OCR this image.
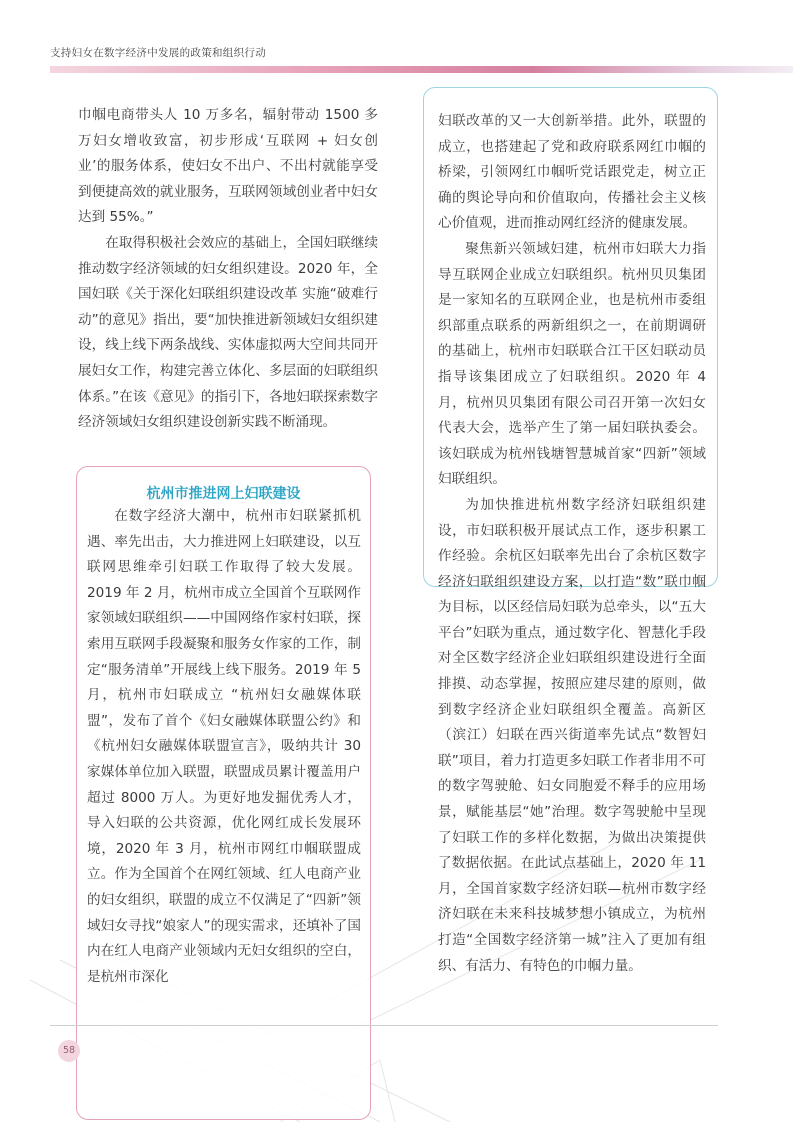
支持妇女在数字经济中发展的政策和组织行动

巾帼电商带头人 10 万多名，辐射带动 1500 多万妇女增收致富，初步形成‘互联网 + 妇女创业’的服务体系，使妇女不出户、不出村就能享受到便捷高效的就业服务，互联网领域创业者中妇女达到 55%。”

在取得积极社会效应的基础上，全国妇联继续推动数字经济领域的妇女组织建设。2020 年，全国妇联《关于深化妇联组织建设改革 实施“破难行动”的意见》指出，要“加快推进新领域妇女组织建设，线上线下两条战线、实体虚拟两大空间共同开展妇女工作，构建完善立体化、多层面的妇联组织体系。”在该《意见》的指引下，各地妇联探索数字经济领域妇女组织建设创新实践不断涌现。

杭州市推进网上妇联建设

在数字经济大潮中，杭州市妇联紧抓机遇、率先出击，大力推进网上妇联建设，以互联网思维牵引妇联工作取得了较大发展。2019 年 2 月，杭州市成立全国首个互联网作家领域妇联组织——中国网络作家村妇联，探索用互联网手段凝聚和服务女作家的工作，制定“服务清单”开展线上线下服务。2019 年 5 月，杭州市妇联成立 “杭州妇女融媒体联盟”，发布了首个《妇女融媒体联盟公约》和《杭州妇女融媒体联盟宣言》，吸纳共计 30 家媒体单位加入联盟，联盟成员累计覆盖用户超过 8000 万人。为更好地发掘优秀人才，导入妇联的公共资源，优化网红成长发展环境，2020 年 3 月，杭州市网红巾帼联盟成立。作为全国首个在网红领域、红人电商产业的妇女组织，联盟的成立不仅满足了“四新”领域妇女寻找“娘家人”的现实需求，还填补了国内在红人电商产业领域内无妇女组织的空白，是杭州市深化

妇联改革的又一大创新举措。此外，联盟的成立，也搭建起了党和政府联系网红巾帼的桥梁，引领网红巾帼听党话跟党走，树立正确的舆论导向和价值取向，传播社会主义核心价值观，进而推动网红经济的健康发展。

聚焦新兴领域妇建，杭州市妇联大力指导互联网企业成立妇联组织。杭州贝贝集团是一家知名的互联网企业，也是杭州市委组织部重点联系的两新组织之一，在前期调研的基础上，杭州市妇联联合江干区妇联动员指导该集团成立了妇联组织。2020 年 4 月，杭州贝贝集团有限公司召开第一次妇女代表大会，选举产生了第一届妇联执委会。该妇联成为杭州钱塘智慧城首家“四新”领域妇联组织。

为加快推进杭州数字经济妇联组织建设，市妇联积极开展试点工作，逐步积累工作经验。余杭区妇联率先出台了余杭区数字经济妇联组织建设方案，以打造“数”联巾帼为目标，以区经信局妇联为总牵头，以“五大平台”妇联为重点，通过数字化、智慧化手段对全区数字经济企业妇联组织建设进行全面排摸、动态掌握，按照应建尽建的原则，做到数字经济企业妇联组织全覆盖。高新区（滨江）妇联在西兴街道率先试点“数智妇联”项目，着力打造更多妇联工作者非用不可的数字驾驶舱、妇女同胞爱不释手的应用场景，赋能基层“她”治理。数字驾驶舱中呈现了妇联工作的多样化数据，为做出决策提供了数据依据。在此试点基础上，2020 年 11 月，全国首家数字经济妇联—杭州市数字经济妇联在未来科技城梦想小镇成立，为杭州打造“全国数字经济第一城”注入了更加有组织、有活力、有特色的巾帼力量。

58
